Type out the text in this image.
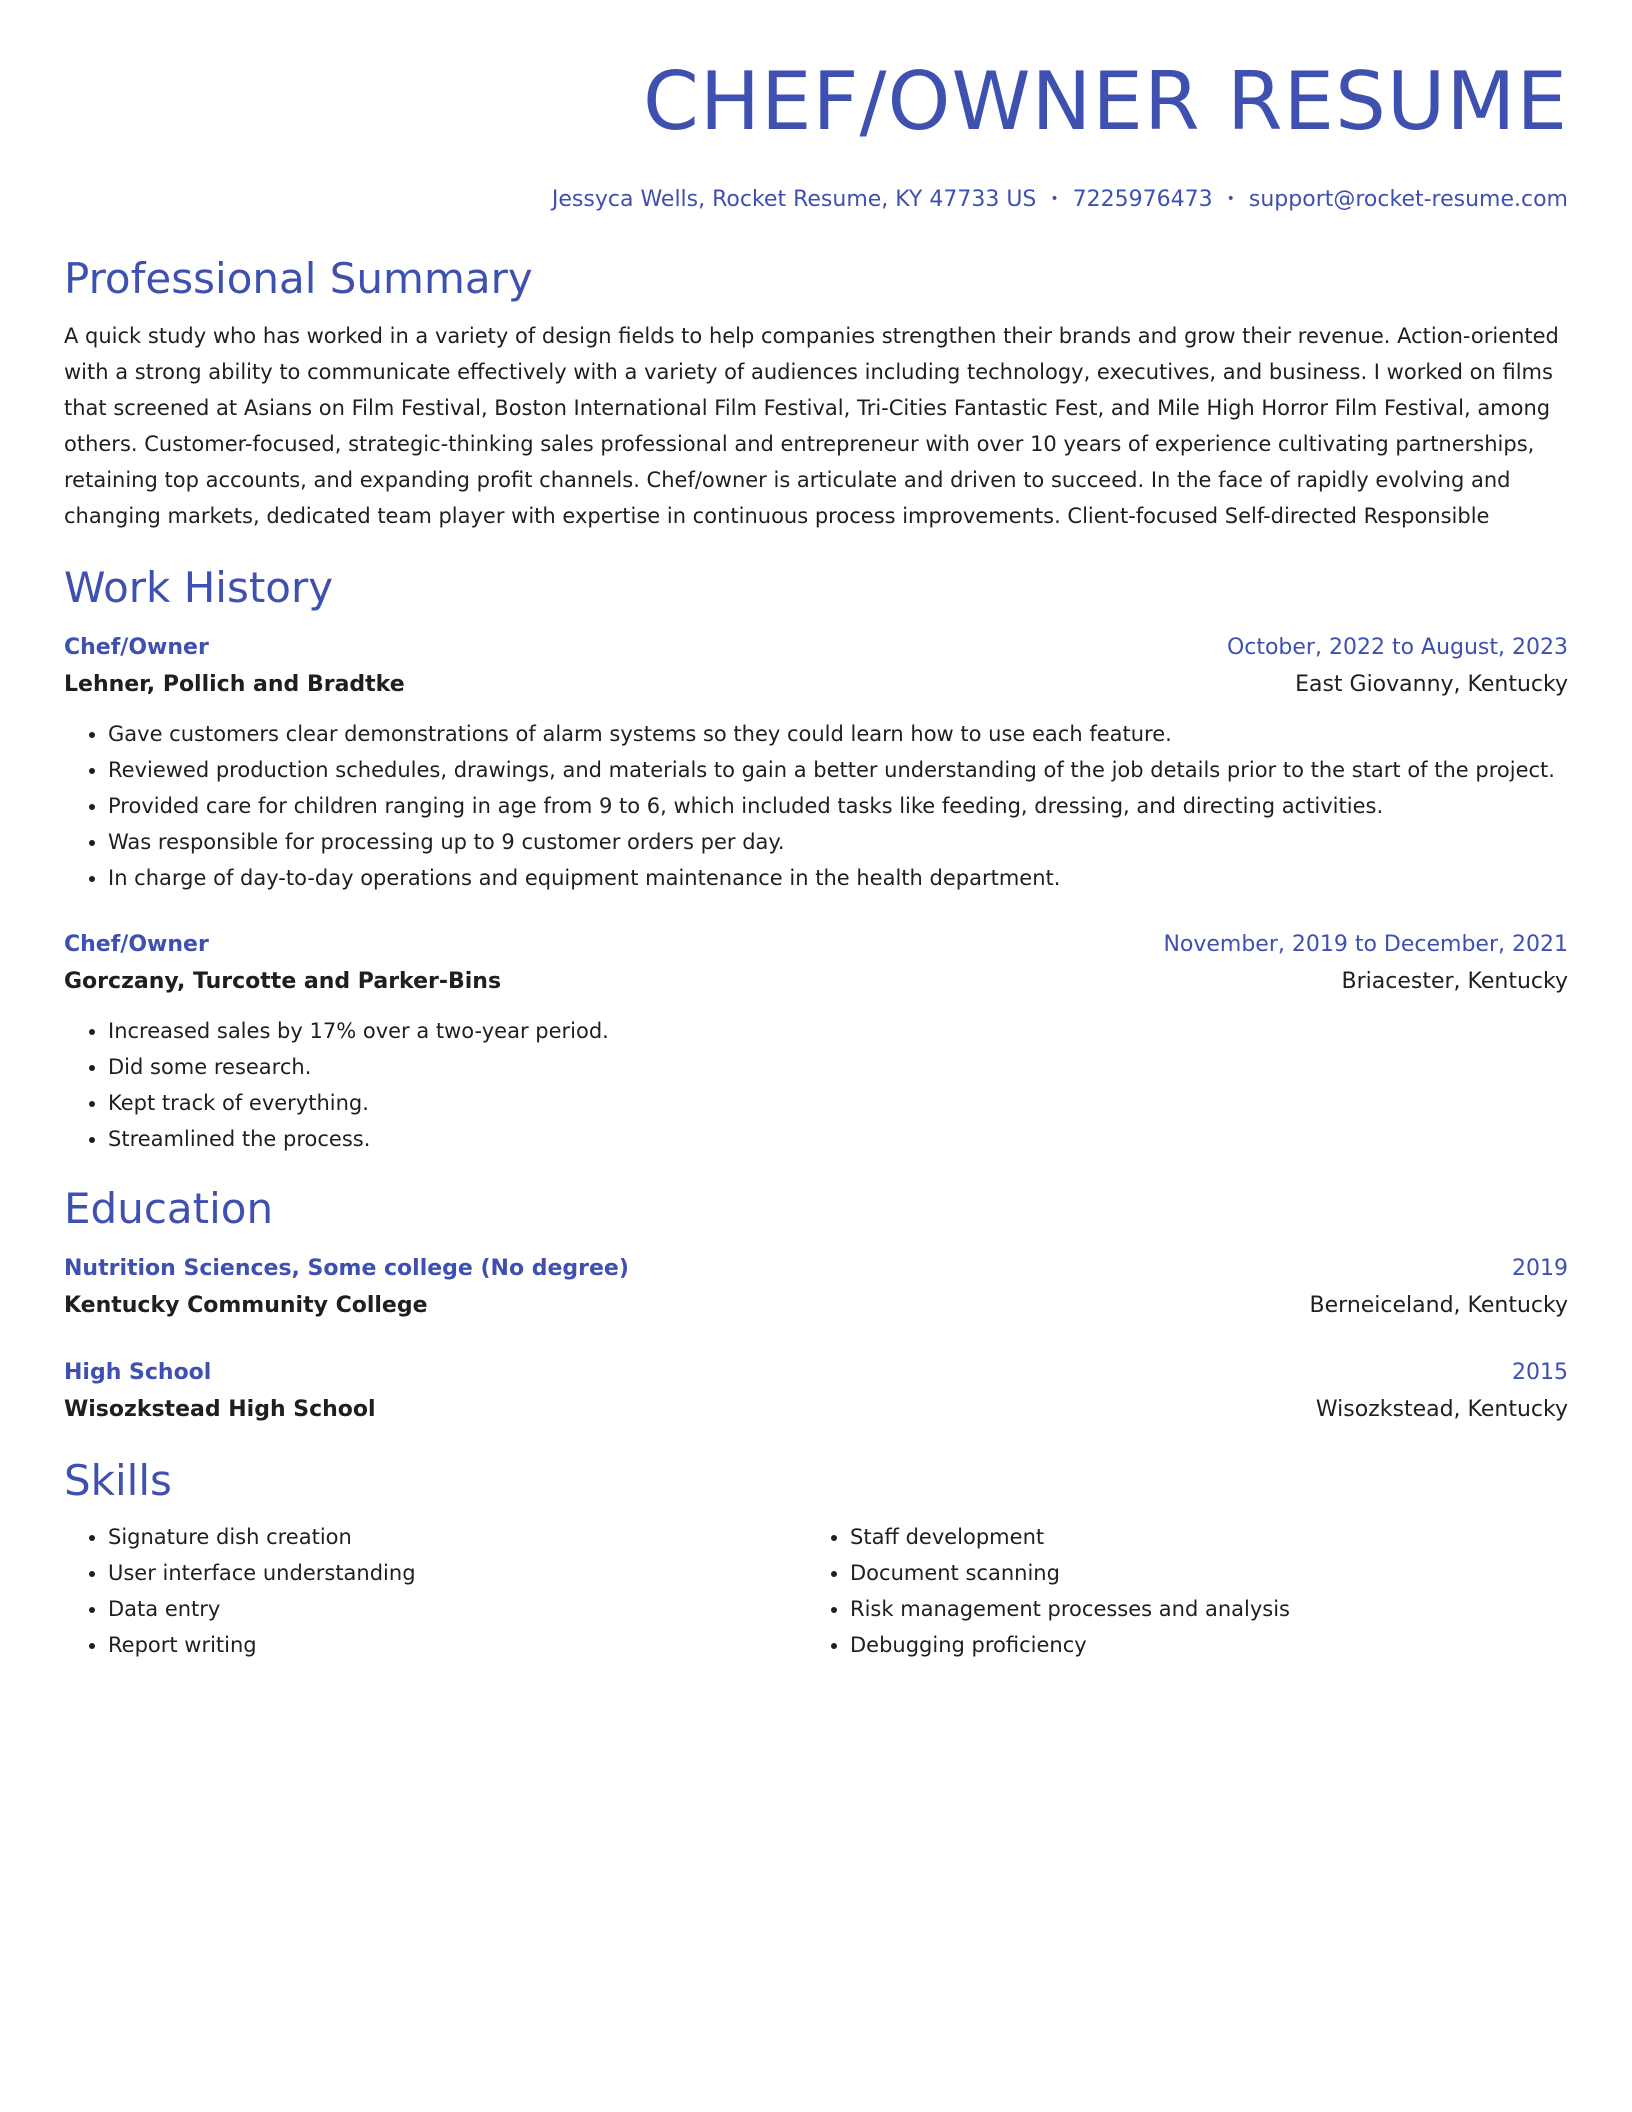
CHEF/OWNER RESUME
Jessyca Wells, Rocket Resume, KY 47733 US • 7225976473 • support@rocket-resume.com
Professional Summary
A quick study who has worked in a variety of design fields to help companies strengthen their brands and grow their revenue. Action-oriented with a strong ability to communicate effectively with a variety of audiences including technology, executives, and business. I worked on films that screened at Asians on Film Festival, Boston International Film Festival, Tri-Cities Fantastic Fest, and Mile High Horror Film Festival, among others. Customer-focused, strategic-thinking sales professional and entrepreneur with over 10 years of experience cultivating partnerships, retaining top accounts, and expanding profit channels. Chef/owner is articulate and driven to succeed. In the face of rapidly evolving and changing markets, dedicated team player with expertise in continuous process improvements. Client-focused Self-directed Responsible
Work History
Chef/Owner	October, 2022 to August, 2023
Lehner, Pollich and Bradtke	East Giovanny, Kentucky
• Gave customers clear demonstrations of alarm systems so they could learn how to use each feature.
• Reviewed production schedules, drawings, and materials to gain a better understanding of the job details prior to the start of the project.
• Provided care for children ranging in age from 9 to 6, which included tasks like feeding, dressing, and directing activities.
• Was responsible for processing up to 9 customer orders per day.
• In charge of day-to-day operations and equipment maintenance in the health department.
Chef/Owner	November, 2019 to December, 2021
Gorczany, Turcotte and Parker-Bins	Briacester, Kentucky
• Increased sales by 17% over a two-year period.
• Did some research.
• Kept track of everything.
• Streamlined the process.
Education
Nutrition Sciences, Some college (No degree)	2019
Kentucky Community College	Berneiceland, Kentucky
High School	2015
Wisozkstead High School	Wisozkstead, Kentucky
Skills
• Signature dish creation
• User interface understanding
• Data entry
• Report writing
• Staff development
• Document scanning
• Risk management processes and analysis
• Debugging proficiency
